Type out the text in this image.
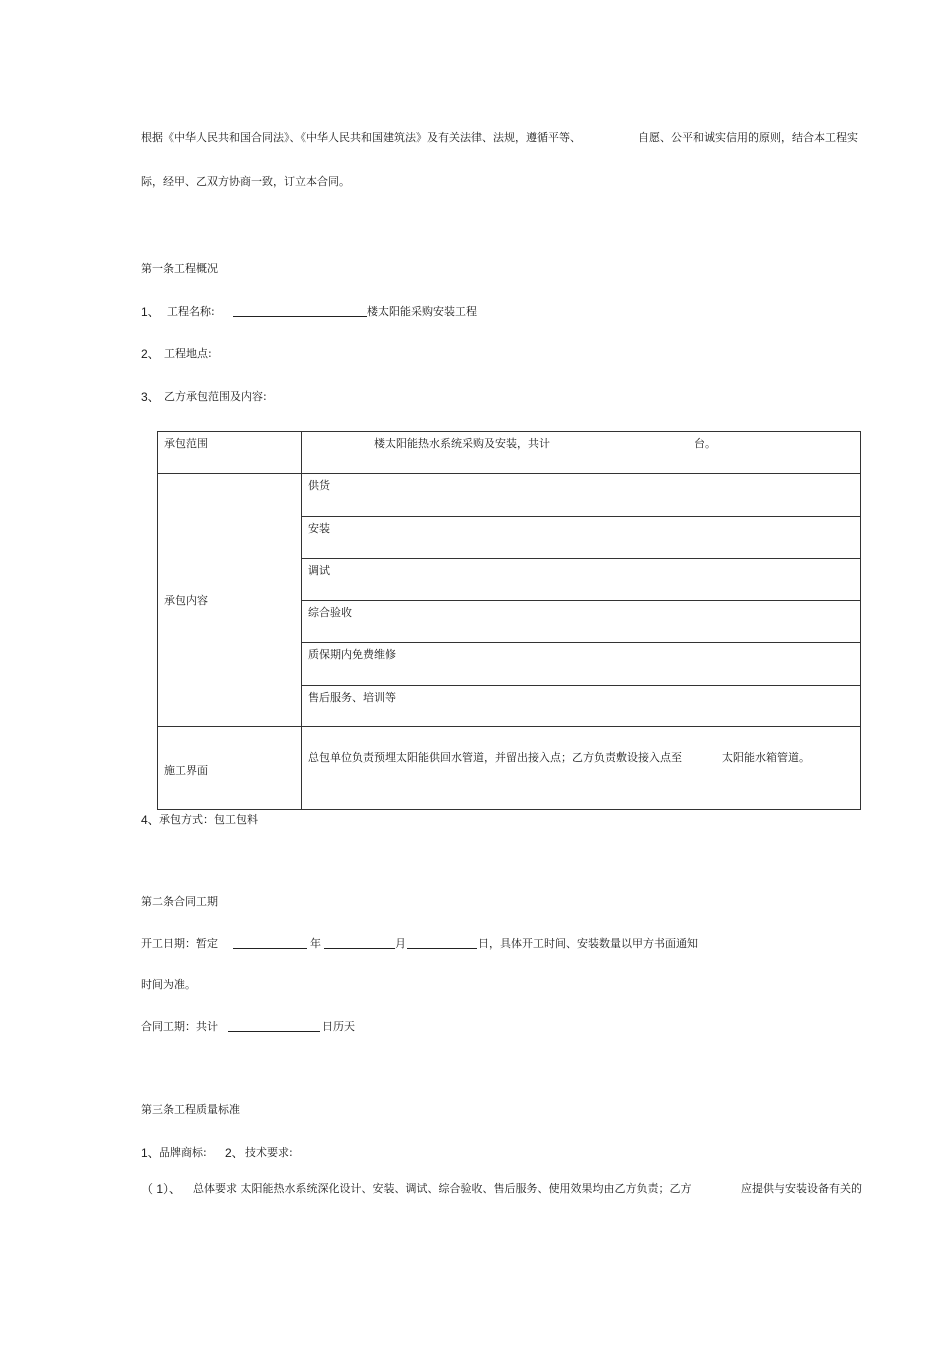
根据《中华人民共和国合同法》、《中华人民共和国建筑法》及有关法律、法规，遵循平等、	自愿、公平和诚实信用的原则，结合本工程实
际，经甲、乙双方协商一致，订立本合同。
第一条工程概况
1、 工程名称:	楼太阳能采购安装工程
2、 工程地点:
3、 乙方承包范围及内容:
承包范围	楼太阳能热水系统采购及安装，共计 台。

承包内容	供货

	安装

	调试

	综合验收

	质保期内免费维修

	售后服务、培训等

施工界面	总包单位负责预埋太阳能供回水管道，并留出接入点；乙方负责敷设接入点至 太阳能水箱管道。
4、 承包方式：包工包料
第二条合同工期
开工日期：暂定	年	月	日，具体开工时间、安装数量以甲方书面通知
时间为准。
合同工期：共计	日历天
第三条工程质量标准
1、 品牌商标: 2、 技术要求:
（ 1）、 总体要求 太阳能热水系统深化设计、安装、调试、综合验收、售后服务、使用效果均由乙方负责；乙方	应提供与安装设备有关的
